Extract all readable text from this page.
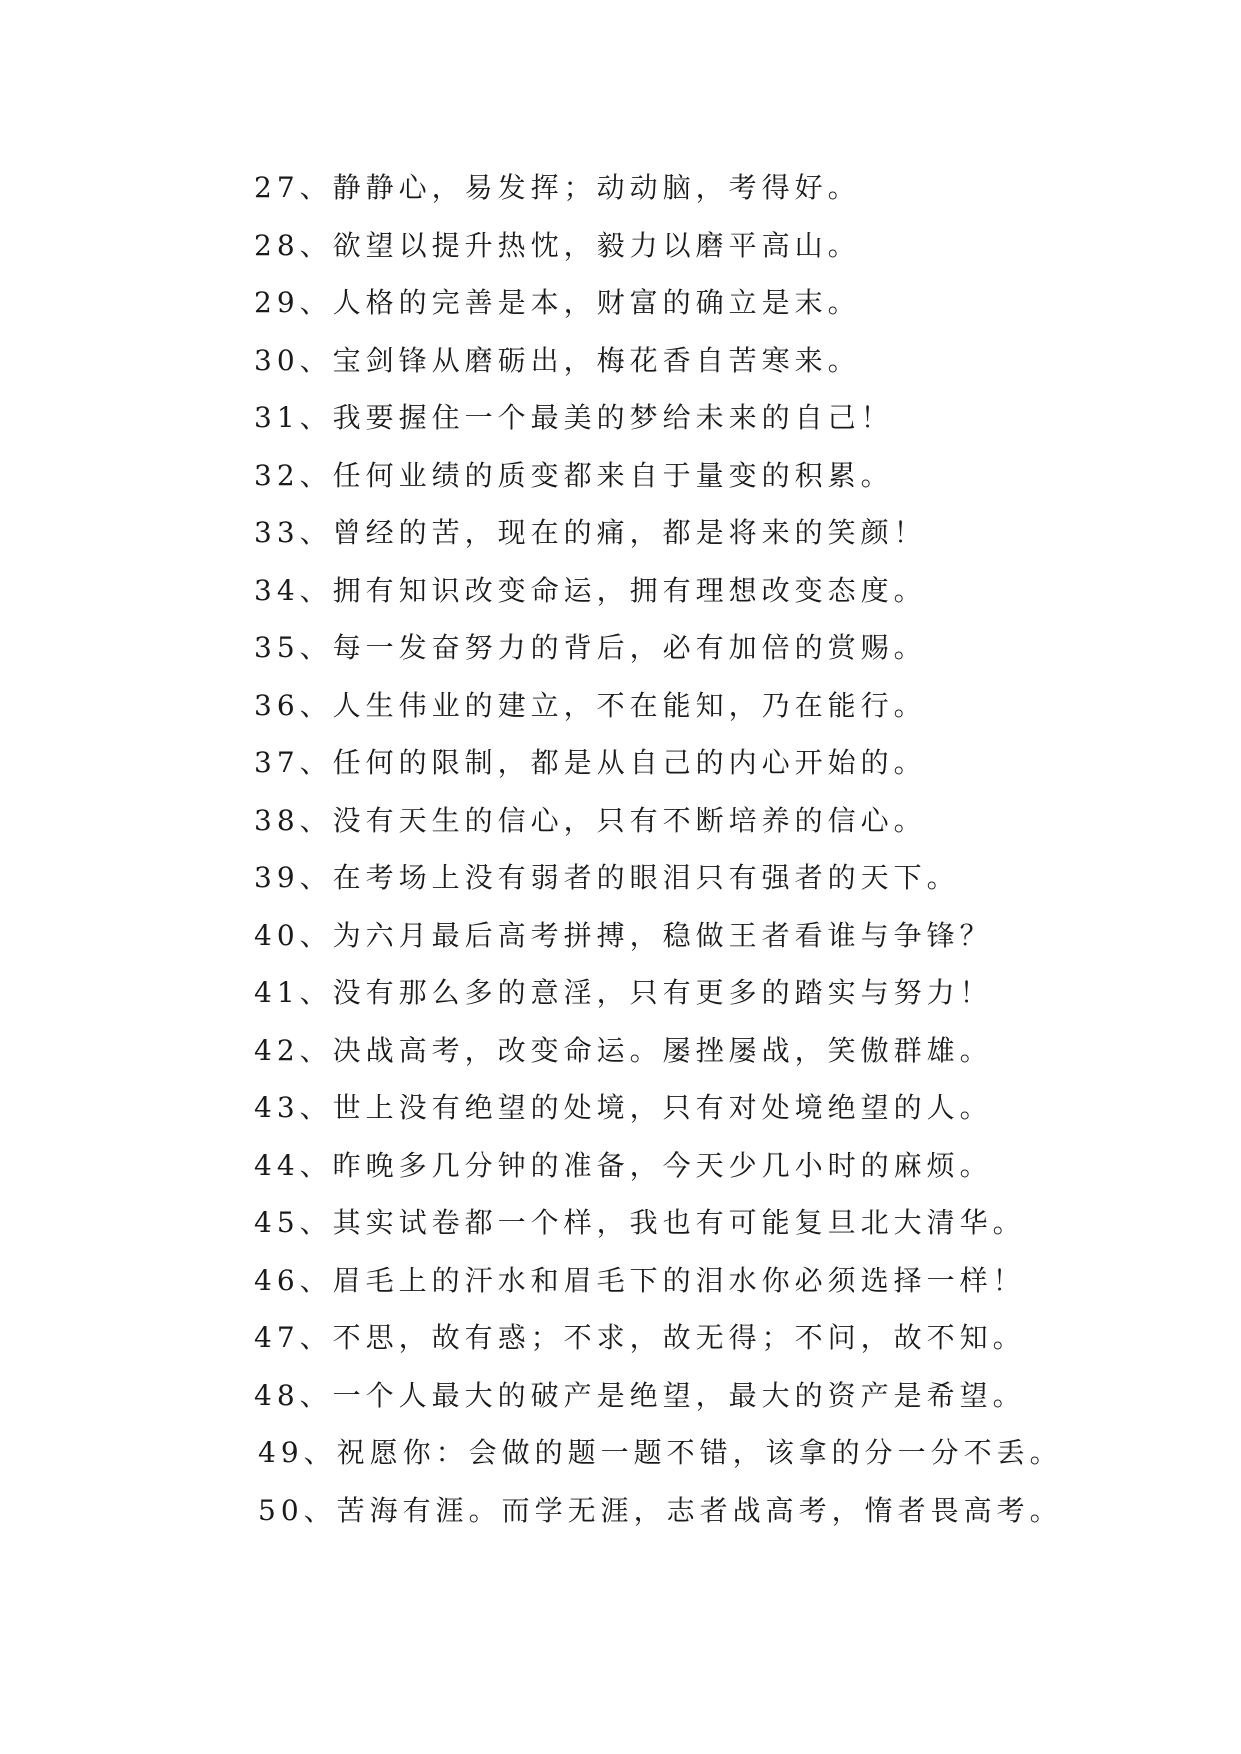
27、静静心，易发挥；动动脑，考得好。
28、欲望以提升热忱，毅力以磨平高山。
29、人格的完善是本，财富的确立是末。
30、宝剑锋从磨砺出，梅花香自苦寒来。
31、我要握住一个最美的梦给未来的自己！
32、任何业绩的质变都来自于量变的积累。
33、曾经的苦，现在的痛，都是将来的笑颜！
34、拥有知识改变命运，拥有理想改变态度。
35、每一发奋努力的背后，必有加倍的赏赐。
36、人生伟业的建立，不在能知，乃在能行。
37、任何的限制，都是从自己的内心开始的。
38、没有天生的信心，只有不断培养的信心。
39、在考场上没有弱者的眼泪只有强者的天下。
40、为六月最后高考拼搏，稳做王者看谁与争锋？
41、没有那么多的意淫，只有更多的踏实与努力！
42、决战高考，改变命运。屡挫屡战，笑傲群雄。
43、世上没有绝望的处境，只有对处境绝望的人。
44、昨晚多几分钟的准备，今天少几小时的麻烦。
45、其实试卷都一个样，我也有可能复旦北大清华。
46、眉毛上的汗水和眉毛下的泪水你必须选择一样！
47、不思，故有惑；不求，故无得；不问，故不知。
48、一个人最大的破产是绝望，最大的资产是希望。
49、祝愿你：会做的题一题不错，该拿的分一分不丢。
50、苦海有涯。而学无涯，志者战高考，惰者畏高考。
